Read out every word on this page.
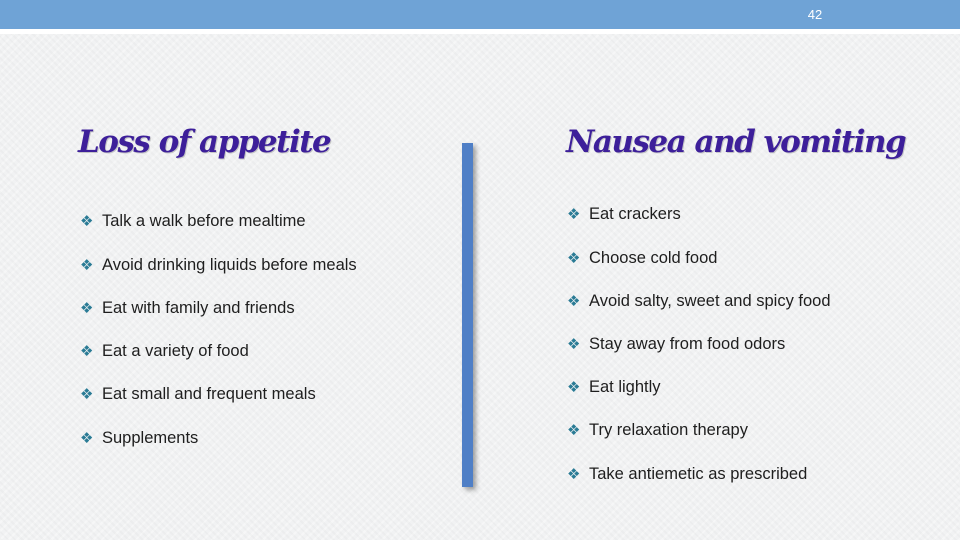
42
Loss of appetite	Nausea and vomiting
❖ Talk a walk before mealtime
❖ Avoid drinking liquids before meals
❖ Eat with family and friends
❖ Eat a variety of food
❖ Eat small and frequent meals
❖ Supplements
❖ Eat crackers
❖ Choose cold food
❖ Avoid salty, sweet and spicy food
❖ Stay away from food odors
❖ Eat lightly
❖ Try relaxation therapy
❖ Take antiemetic as prescribed
